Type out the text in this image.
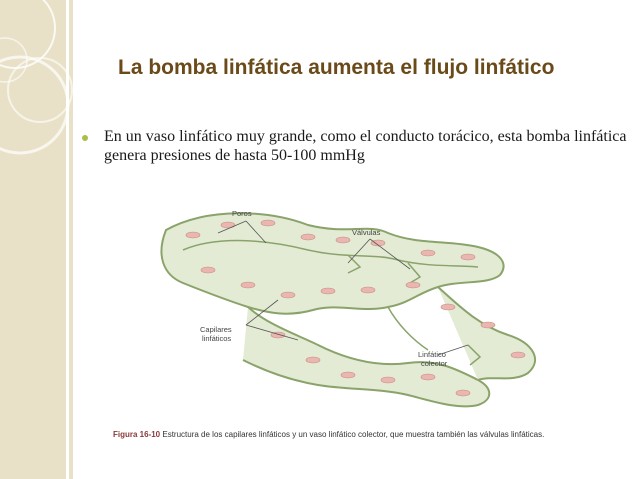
La bomba linfática aumenta el flujo linfático
En un vaso linfático muy grande, como el conducto torácico, esta bomba linfática genera presiones de hasta 50-100 mmHg
Poros
Válvulas
Capilares
linfáticos
Linfático
colector
Figura 16-10 Estructura de los capilares linfáticos y un vaso linfático colector, que muestra también las válvulas linfáticas.
